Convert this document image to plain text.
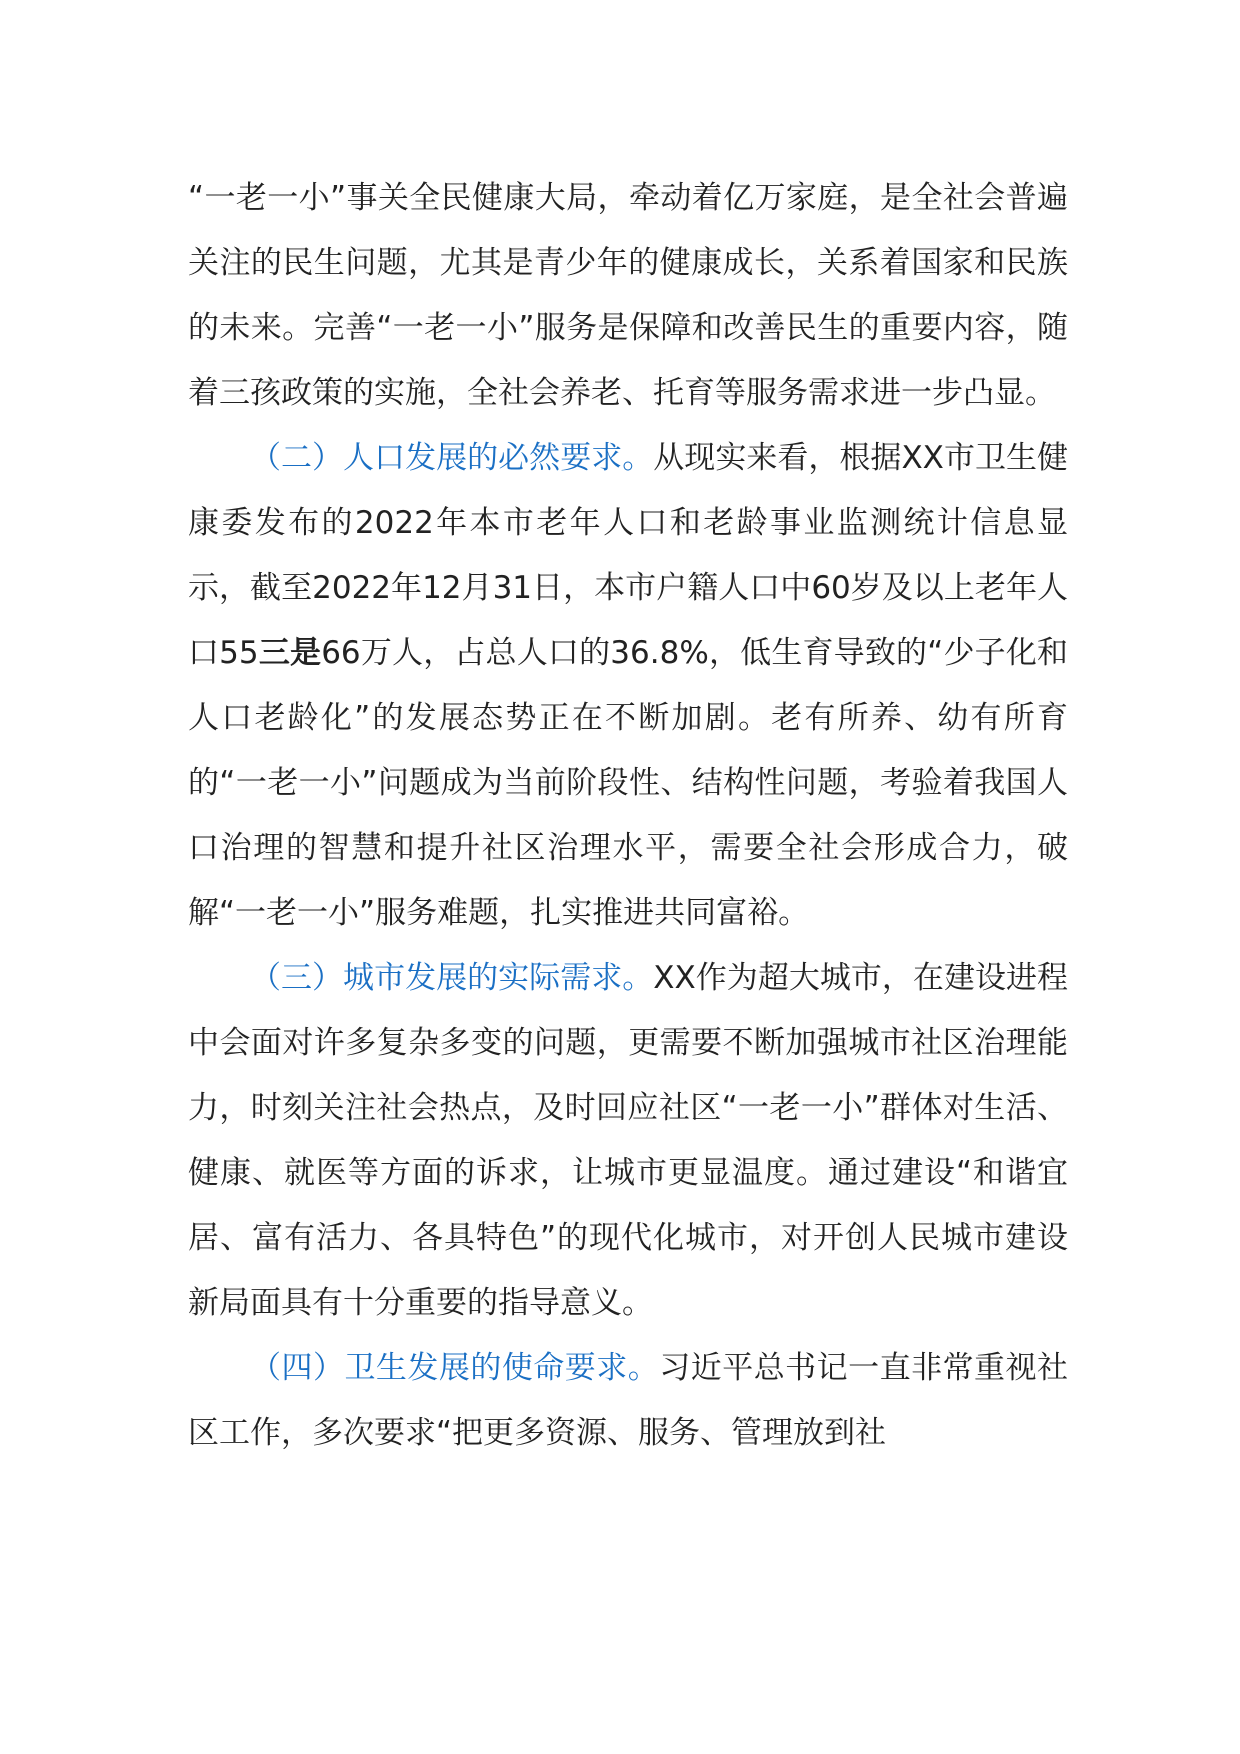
“一老一小”事关全民健康大局，牵动着亿万家庭，是全社会普遍关注的民生问题，尤其是青少年的健康成长，关系着国家和民族的未来。完善“一老一小”服务是保障和改善民生的重要内容，随着三孩政策的实施，全社会养老、托育等服务需求进一步凸显。

（二）人口发展的必然要求。从现实来看，根据XX市卫生健康委发布的2022年本市老年人口和老龄事业监测统计信息显示，截至2022年12月31日，本市户籍人口中60岁及以上老年人口55三是66万人，占总人口的36.8%，低生育导致的“少子化和人口老龄化”的发展态势正在不断加剧。老有所养、幼有所育的“一老一小”问题成为当前阶段性、结构性问题，考验着我国人口治理的智慧和提升社区治理水平，需要全社会形成合力，破解“一老一小”服务难题，扎实推进共同富裕。

（三）城市发展的实际需求。XX作为超大城市，在建设进程中会面对许多复杂多变的问题，更需要不断加强城市社区治理能力，时刻关注社会热点，及时回应社区“一老一小”群体对生活、健康、就医等方面的诉求，让城市更显温度。通过建设“和谐宜居、富有活力、各具特色”的现代化城市，对开创人民城市建设新局面具有十分重要的指导意义。

（四）卫生发展的使命要求。习近平总书记一直非常重视社区工作，多次要求“把更多资源、服务、管理放到社
